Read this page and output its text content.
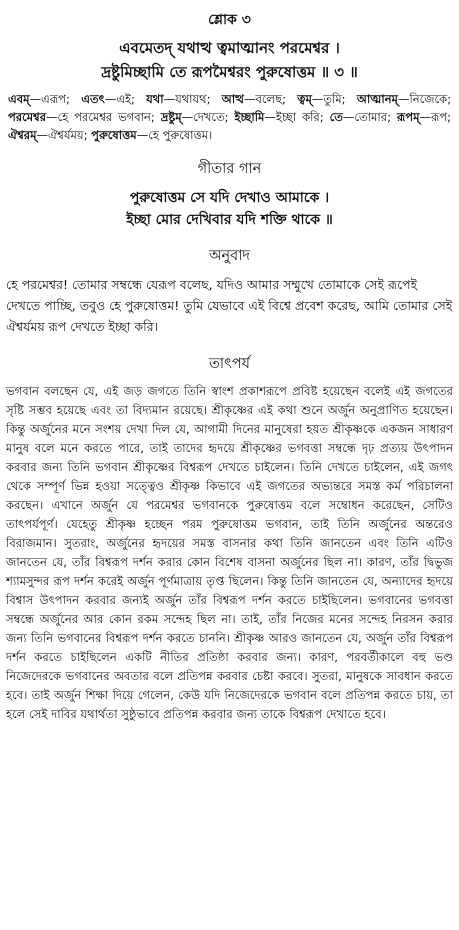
শ্লোক ৩
এবমেতদ্ যথাত্থ ত্বমাত্মানং পরমেশ্বর ।
দ্রষ্টুমিচ্ছামি তে রূপমৈশ্বরং পুরুষোত্তম ॥ ৩ ॥
এবম্—এরূপ; এতৎ—এই; যথা—যথাযথ; আত্থ—বলেছ; ত্বম্—তুমি; আত্মানম্—নিজেকে; পরমেশ্বর—হে পরমেশ্বর ভগবান; দ্রষ্টুম্—দেখতে; ইচ্ছামি—ইচ্ছা করি; তে—তোমার; রূপম্—রূপ; ঐশ্বরম্—ঐশ্বর্যময়; পুরুষোত্তম—হে পুরুষোত্তম।
গীতার গান
পুরুষোত্তম সে যদি দেখাও আমাকে ।
ইচ্ছা মোর দেখিবার যদি শক্তি থাকে ॥
অনুবাদ
হে পরমেশ্বর! তোমার সম্বন্ধে যেরূপ বলেছ, যদিও আমার সম্মুখে তোমাকে সেই রূপেই দেখতে পাচ্ছি, তবুও হে পুরুষোত্তম! তুমি যেভাবে এই বিশ্বে প্রবেশ করেছ, আমি তোমার সেই ঐশ্বর্যময় রূপ দেখতে ইচ্ছা করি।
তাৎপর্য
ভগবান বলছেন যে, এই জড় জগতে তিনি স্বাংশ প্রকাশরূপে প্রবিষ্ট হয়েছেন বলেই এই জগতের সৃষ্টি সম্ভব হয়েছে এবং তা বিদ্যমান রয়েছে। শ্রীকৃষ্ণের এই কথা শুনে অর্জুন অনুপ্রাণিত হয়েছেন। কিন্তু অর্জুনের মনে সংশয় দেখা দিল যে, আগামী দিনের মানুষেরা হয়ত শ্রীকৃষ্ণকে একজন সাধারণ মানুষ বলে মনে করতে পারে, তাই তাদের হৃদয়ে শ্রীকৃষ্ণের ভগবত্তা সম্বন্ধে দৃঢ় প্রত্যয় উৎপাদন করবার জন্য তিনি ভগবান শ্রীকৃষ্ণের বিশ্বরূপ দেখতে চাইলেন। তিনি দেখতে চাইলেন, এই জগৎ থেকে সম্পূর্ণ ভিন্ন হওয়া সত্ত্বেও শ্রীকৃষ্ণ কিভাবে এই জগতের অভ্যন্তরে সমস্ত কর্ম পরিচালনা করছেন। এখানে অর্জুন যে পরমেশ্বর ভগবানকে পুরুষোত্তম বলে সম্বোধন করেছেন, সেটিও তাৎপর্যপূর্ণ। যেহেতু শ্রীকৃষ্ণ হচ্ছেন পরম পুরুষোত্তম ভগবান, তাই তিনি অর্জুনের অন্তরেও বিরাজমান। সুতরাং, অর্জুনের হৃদয়ের সমস্ত বাসনার কথা তিনি জানতেন এবং তিনি এটিও জানতেন যে, তাঁর বিশ্বরূপ দর্শন করার কোন বিশেষ বাসনা অর্জুনের ছিল না। কারণ, তাঁর দ্বিভুজ শ্যামসুন্দর রূপ দর্শন করেই অর্জুন পূর্ণমাত্রায় তৃপ্ত ছিলেন। কিন্তু তিনি জানতেন যে, অন্যাদের হৃদয়ে বিশ্বাস উৎপাদন করবার জন্যই অর্জুন তাঁর বিশ্বরূপ দর্শন করতে চাইছিলেন। ভগবানের ভগবত্তা সম্বন্ধে অর্জুনের আর কোন রকম সন্দেহ ছিল না। তাই, তাঁর নিজের মনের সন্দেহ নিরসন করার জন্য তিনি ভগবানের বিশ্বরূপ দর্শন করতে চাননি। শ্রীকৃষ্ণ আরও জানতেন যে, অর্জুন তাঁর বিশ্বরূপ দর্শন করতে চাইছিলেন একটি নীতির প্রতিষ্ঠা করবার জন্য। কারণ, পরবর্তীকালে বহু ভণ্ড নিজেদেরকে ভগবানের অবতার বলে প্রতিপন্ন করবার চেষ্টা করবে। সুতরা, মানুষকে সাবধান করতে হবে। তাই অর্জুন শিক্ষা দিয়ে গেলেন, কেউ যদি নিজেদেরকে ভগবান বলে প্রতিপন্ন করতে চায়, তা হলে সেই দাবির যথার্থতা সুষ্ঠুভাবে প্রতিপন্ন করবার জন্য তাকে বিশ্বরূপ দেখাতে হবে।
